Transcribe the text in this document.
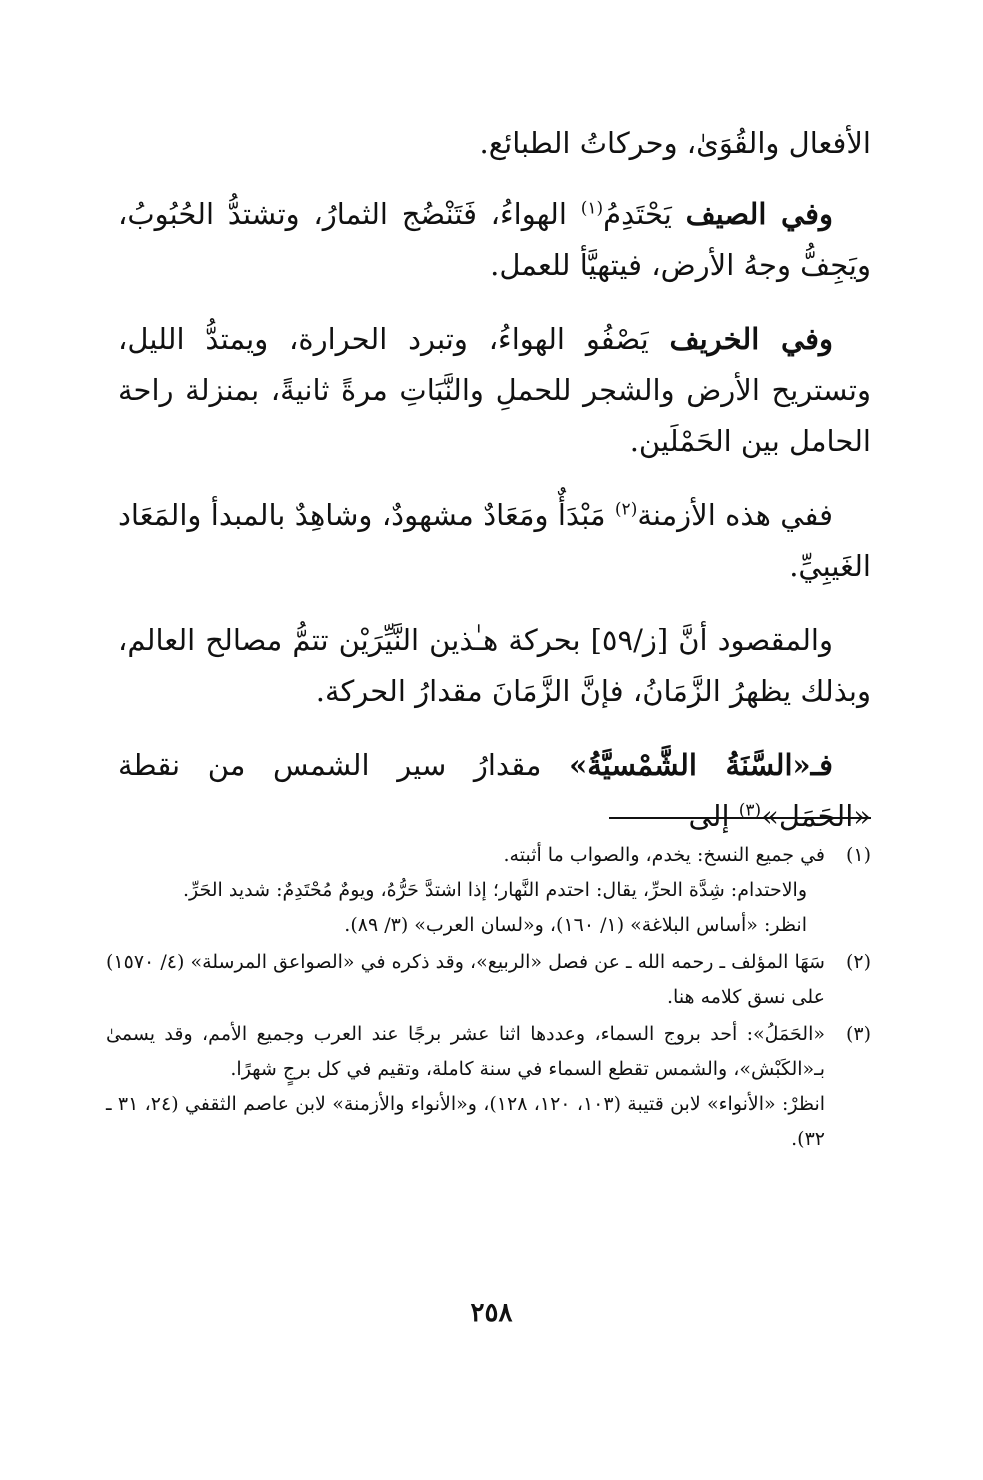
الأفعال والقُوَىٰ، وحركاتُ الطبائع.

وفي الصيف يَحْتَدِمُ$^{(١)}$ الهواءُ، فَتَنْضُج الثمارُ، وتشتدُّ الحُبُوبُ، ويَجِفُّ وجهُ الأرض، فيتهيَّأ للعمل.

وفي الخريف يَصْفُو الهواءُ، وتبرد الحرارة، ويمتدُّ الليل، وتستريح الأرض والشجر للحملِ والنَّبَاتِ مرةً ثانيةً، بمنزلة راحة الحامل بين الحَمْلَين.

ففي هذه الأزمنة$^{(٢)}$ مَبْدَأٌ ومَعَادٌ مشهودٌ، وشاهِدٌ بالمبدأ والمَعَاد الغَيبِيِّ.

والمقصود أنَّ [ز/٥٩] بحركة هـٰذين النَّيِّرَيْن تتمُّ مصالح العالم، وبذلك يظهرُ الزَّمَانُ، فإنَّ الزَّمَانَ مقدارُ الحركة.

فـ«السَّنَةُ الشَّمْسيَّةُ» مقدارُ سير الشمس من نقطة «الحَمَل»$^{(٣)}$ إلى

(١)
في جميع النسخ: يخدم، والصواب ما أثبته.
والاحتدام: شِدَّة الحرِّ، يقال: احتدم النَّهار؛ إذا اشتدَّ حَرُّهُ، ويومٌ مُحْتَدِمٌ: شديد الحَرِّ.
انظر: «أساس البلاغة» (١/ ١٦٠)، و«لسان العرب» (٣/ ٨٩).
(٢)
سَهَا المؤلف ـ رحمه الله ـ عن فصل «الربيع»، وقد ذكره في «الصواعق المرسلة» (٤/ ١٥٧٠) على نسق كلامه هنا.
(٣)
«الحَمَلُ»: أحد بروج السماء، وعددها اثنا عشر برجًا عند العرب وجميع الأمم، وقد يسمىٰ بـ«الكَبْش»، والشمس تقطع السماء في سنة كاملة، وتقيم في كل برجٍ شهرًا.
انظرْ: «الأنواء» لابن قتيبة (١٠٣، ١٢٠، ١٢٨)، و«الأنواء والأزمنة» لابن عاصم الثقفي (٢٤، ٣١ ـ ٣٢).
٢٥٨
